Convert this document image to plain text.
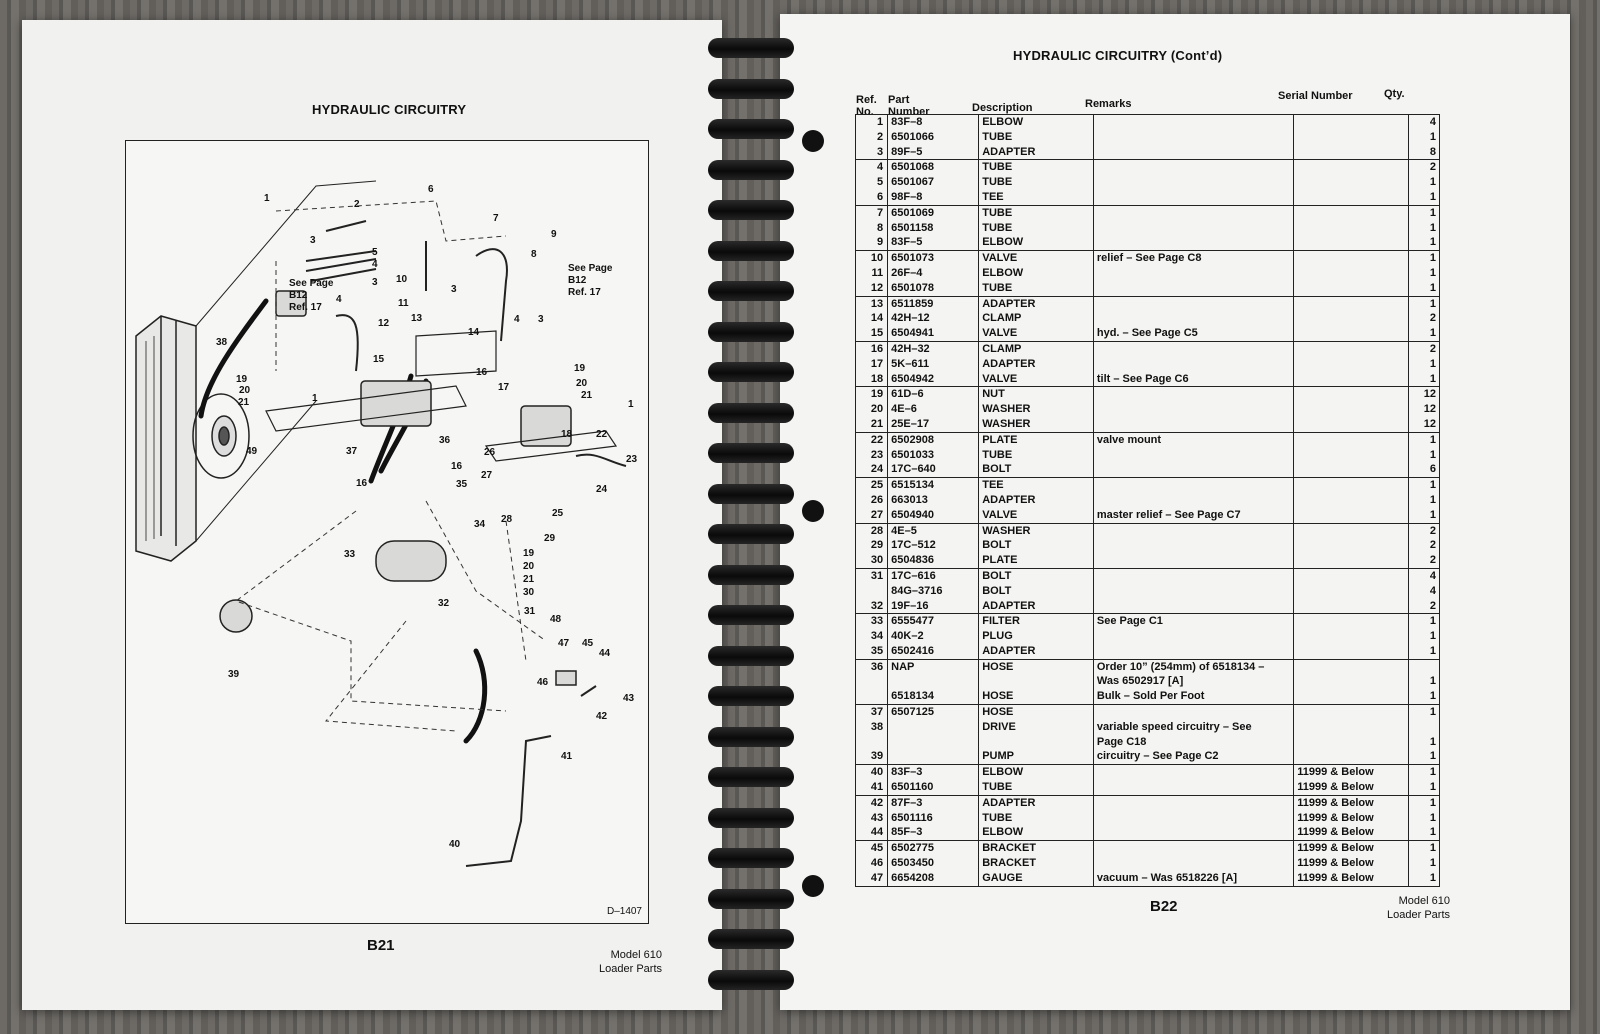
HYDRAULIC CIRCUITRY
1
2
6
7
9
3
5
4
8
10
3
3
See Page
B12
Ref. 17
See Page
B12
Ref. 17
4	11
13
12
14
4 3
38
15
16	19
19	20
17
20	21
21	1
1
18 22
36
49	37	26
23
16
27
16	35	24
25
34 28
29
33	19
20
21
30
32
31
48
47 45
44
39
46
43
42
41
40
D–1407
B21
Model 610
Loader Parts
HYDRAULIC CIRCUITRY (Cont’d)
Ref.
No.
Part
Number	Description	Remarks
Serial Number	Qty.
1	83F–8	ELBOW			4
2	6501066	TUBE			1
3	89F–5	ADAPTER			8
4	6501068	TUBE			2
5	6501067	TUBE			1
6	98F–8	TEE			1
7	6501069	TUBE			1
8	6501158	TUBE			1
9	83F–5	ELBOW			1
10	6501073	VALVE	relief – See Page C8		1
11	26F–4	ELBOW			1
12	6501078	TUBE			1
13	6511859	ADAPTER			1
14	42H–12	CLAMP			2
15	6504941	VALVE	hyd. – See Page C5		1
16	42H–32	CLAMP			2
17	5K–611	ADAPTER			1
18	6504942	VALVE	tilt – See Page C6		1
19	61D–6	NUT			12
20	4E–6	WASHER			12
21	25E–17	WASHER			12
22	6502908	PLATE	valve mount		1
23	6501033	TUBE			1
24	17C–640	BOLT			6
25	6515134	TEE			1
26	663013	ADAPTER			1
27	6504940	VALVE	master relief – See Page C7		1
28	4E–5	WASHER			2
29	17C–512	BOLT			2
30	6504836	PLATE			2
31	17C–616	BOLT			4
	84G–3716	BOLT			4
32	19F–16	ADAPTER			2
33	6555477	FILTER	See Page C1		1
34	40K–2	PLUG			1
35	6502416	ADAPTER			1
36	NAP	HOSE	Order 10” (254mm) of 6518134 –		
			Was 6502917 [A]		1
	6518134	HOSE	Bulk – Sold Per Foot		1
37	6507125	HOSE			1
38		DRIVE	variable speed circuitry – See		
			Page C18		1
39		PUMP	circuitry – See Page C2		1
40	83F–3	ELBOW		11999 & Below	1
41	6501160	TUBE		11999 & Below	1
42	87F–3	ADAPTER		11999 & Below	1
43	6501116	TUBE		11999 & Below	1
44	85F–3	ELBOW		11999 & Below	1
45	6502775	BRACKET		11999 & Below	1
46	6503450	BRACKET		11999 & Below	1
47	6654208	GAUGE	vacuum – Was 6518226 [A]	11999 & Below	1
B22	Model 610
Loader Parts
